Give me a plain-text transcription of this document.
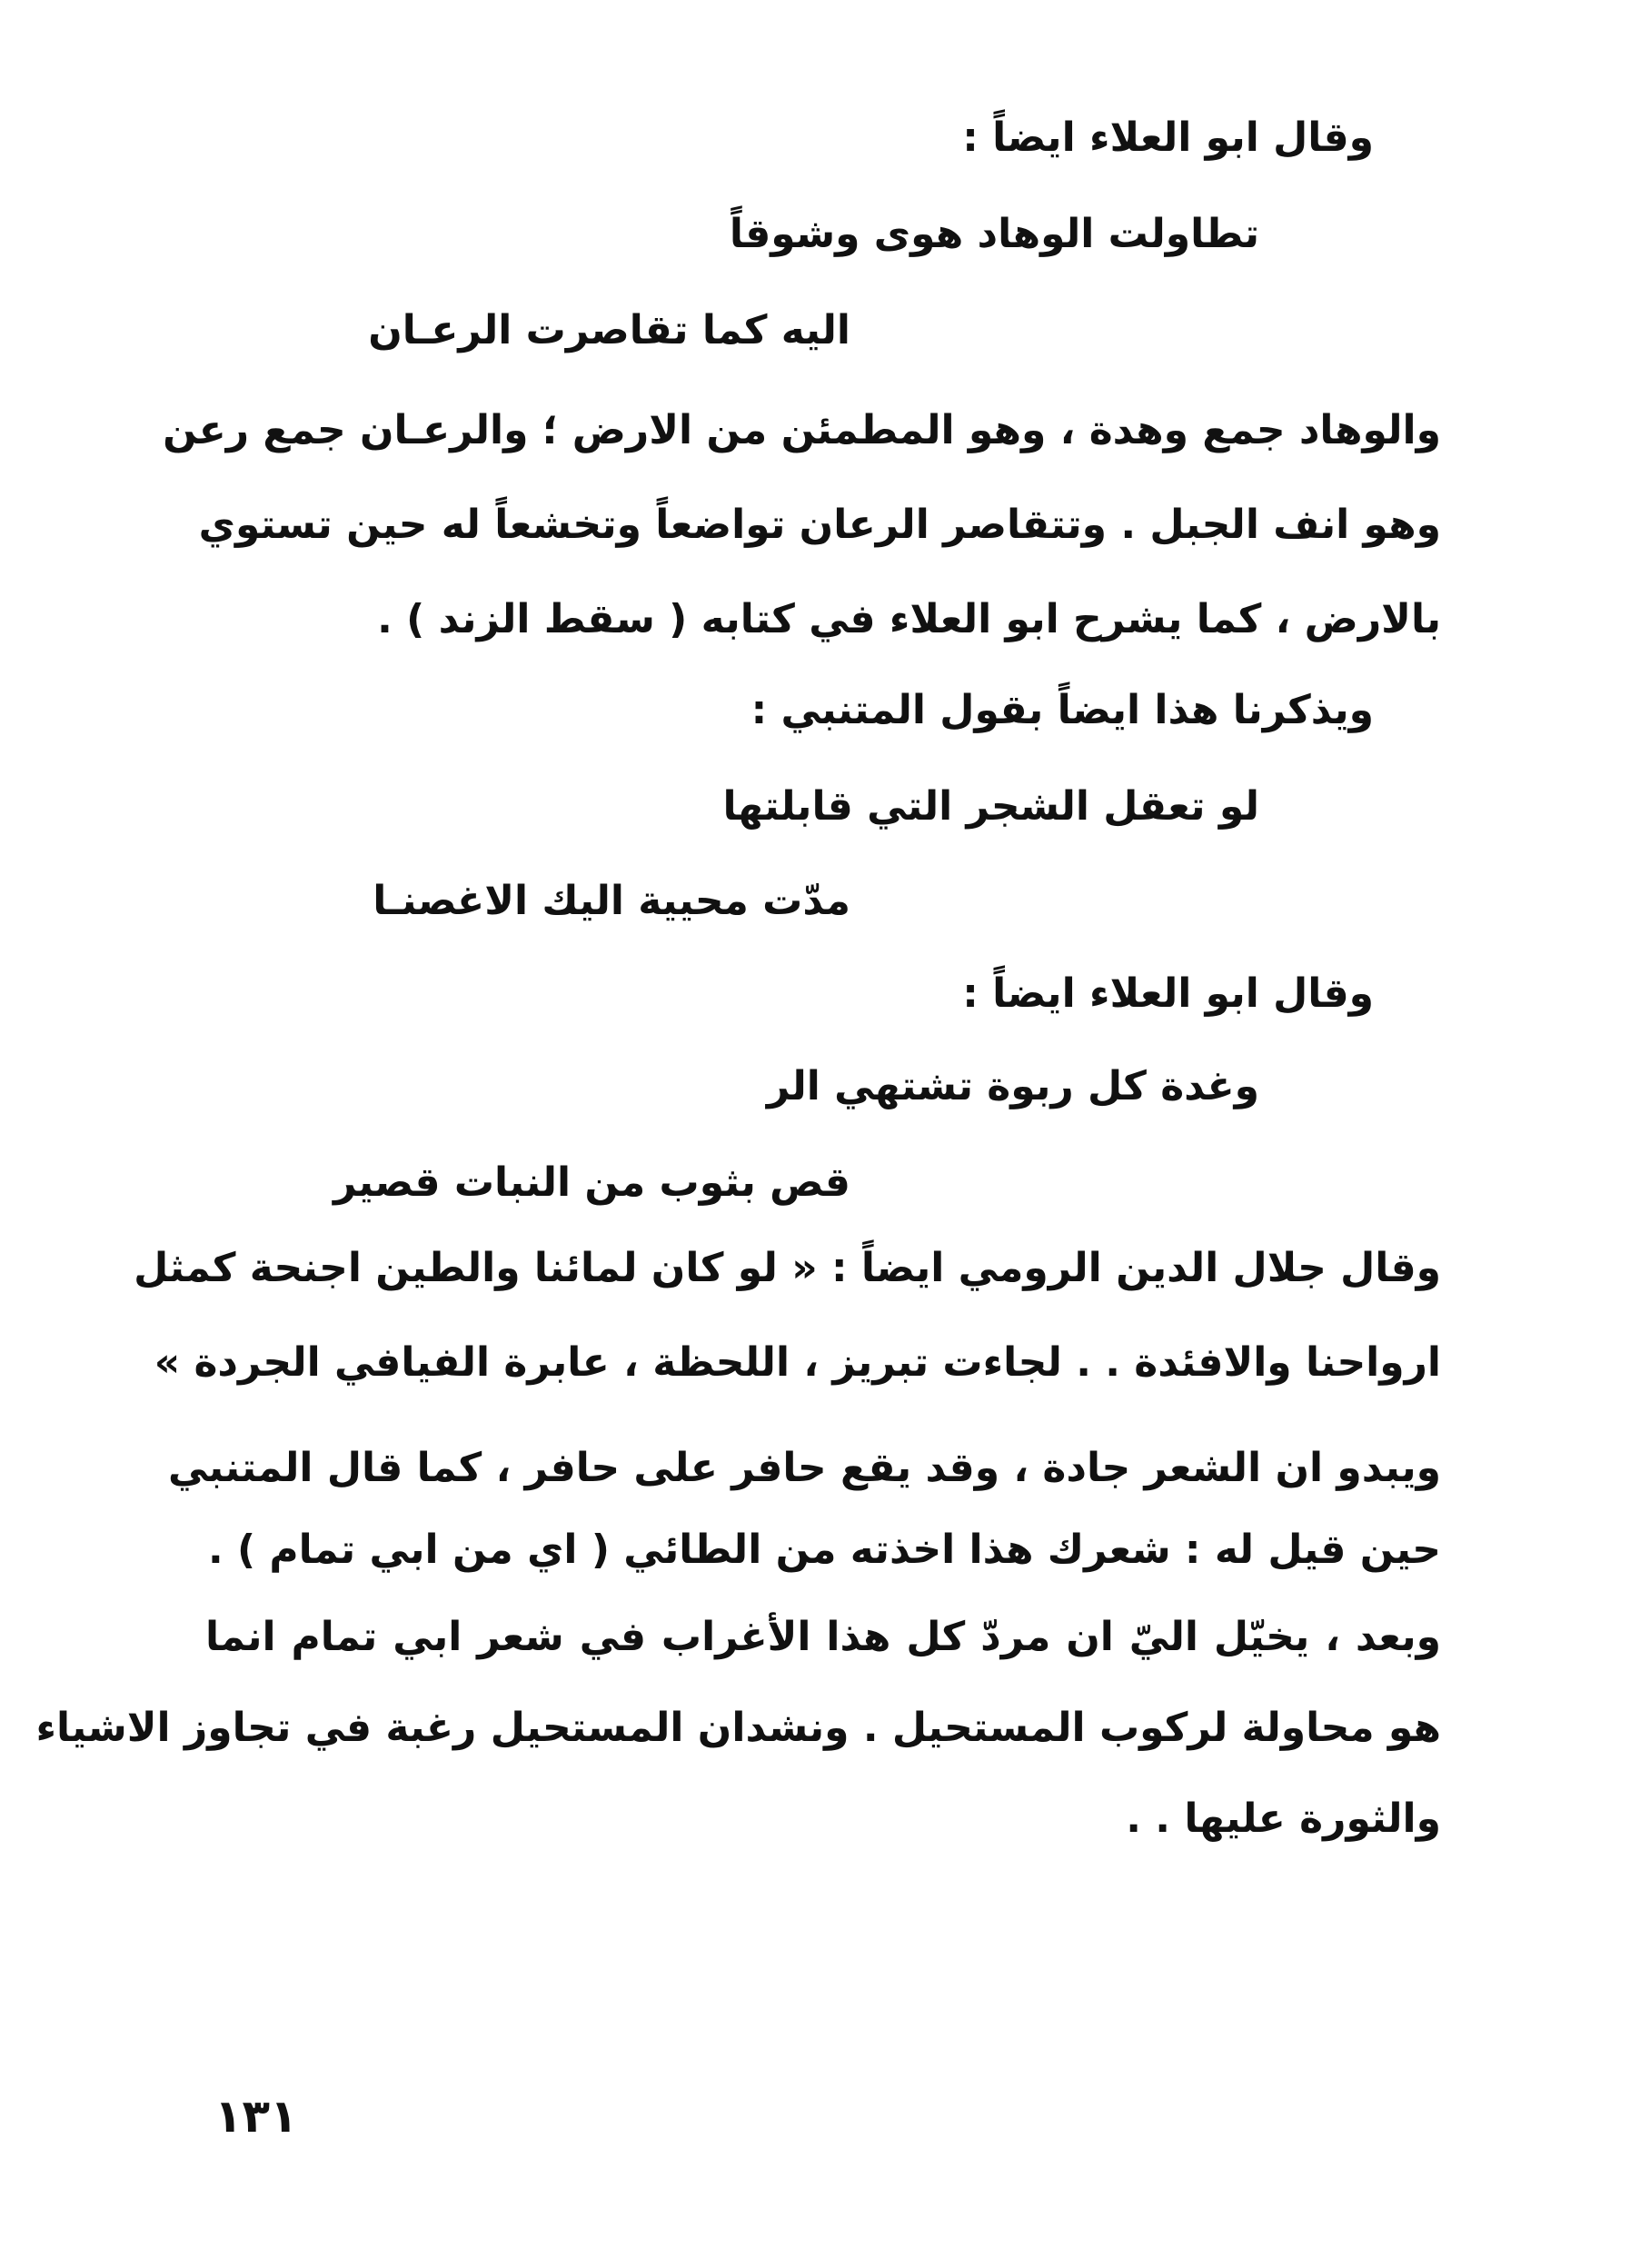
وقال ابو العلاء ايضاً :
تطاولت الوهاد هوى وشوقاً
اليه كما تقاصرت الرعـان
والوهاد جمع وهدة ، وهو المطمئن من الارض ؛ والرعـان جمع رعن
وهو انف الجبل . وتتقاصر الرعان تواضعاً وتخشعاً له حين تستوي
بالارض ، كما يشرح ابو العلاء في كتابه ( سقط الزند ) .
ويذكرنا هذا ايضاً بقول المتنبي :
لو تعقل الشجر التي قابلتها
مدّت محيية اليك الاغصنـا
وقال ابو العلاء ايضاً :
وغدة كل ربوة تشتهي الر
قص بثوب من النبات قصير
وقال جلال الدين الرومي ايضاً : « لو كان لمائنا والطين اجنحة كمثل
ارواحنا والافئدة . . لجاءت تبريز ، اللحظة ، عابرة الفيافي الجردة »
ويبدو ان الشعر جادة ، وقد يقع حافر على حافر ، كما قال المتنبي
حين قيل له : شعرك هذا اخذته من الطائي ( اي من ابي تمام ) .
وبعد ، يخيّل اليّ ان مردّ كل هذا الأغراب في شعر ابي تمام انما
هو محاولة لركوب المستحيل . ونشدان المستحيل رغبة في تجاوز الاشياء
والثورة عليها . .
١٣١
